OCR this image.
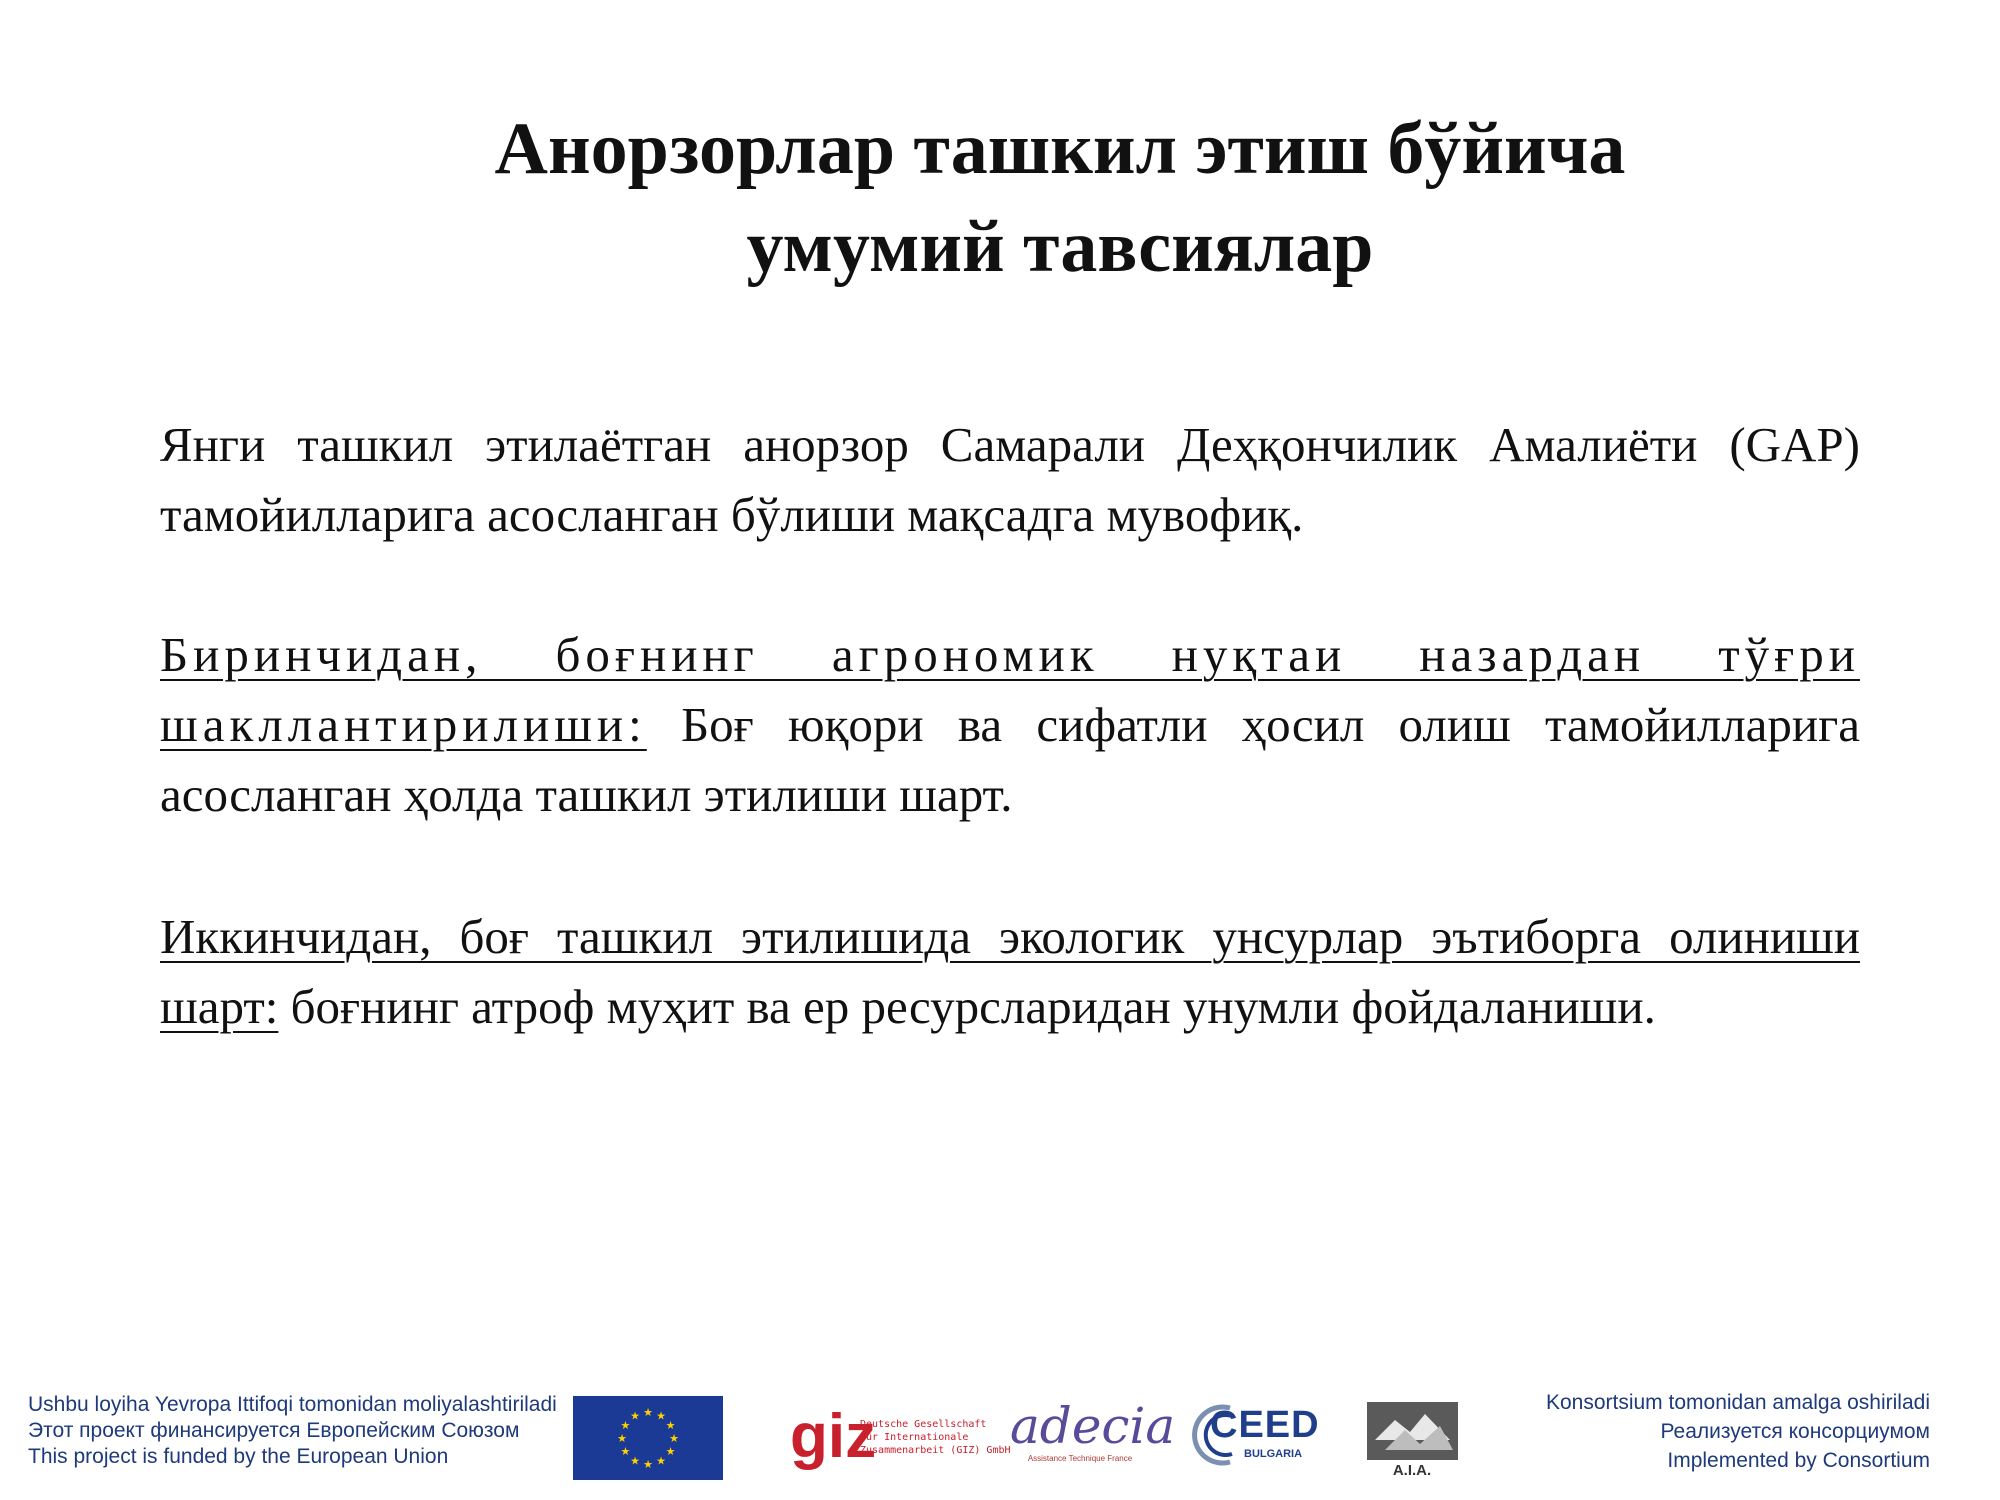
Анорзорлар ташкил этиш бўйича
умумий тавсиялар
Янги ташкил этилаётган анорзор Самарали Деҳқончилик Амалиёти (GAP) тамойилларига асосланган бўлиши мақсадга мувофиқ.
Биринчидан, боғнинг агрономик нуқтаи назардан тўғри шакллантирилиши: Боғ юқори ва сифатли ҳосил олиш тамойилларига асосланган ҳолда ташкил этилиши шарт.
Иккинчидан, боғ ташкил этилишида экологик унсурлар эътиборга олиниши шарт: боғнинг атроф муҳит ва ер ресурсларидан унумли фойдаланиши.
Ushbu loyiha Yevropa Ittifoqi tomonidan moliyalashtiriladi
Этот проект финансируется Европейским Союзом
This project is funded by the European Union
★ ★
★
★
★
★
★
★
★
★
★
★ giz
Deutsche Gesellschaft
für Internationale
Zusammenarbeit (GIZ) GmbH adecia
Assistance Technique France
CEED
BULGARIA
A.I.A.
Konsortsium tomonidan amalga oshiriladi
Реализуется консорциумом
Implemented by Consortium
